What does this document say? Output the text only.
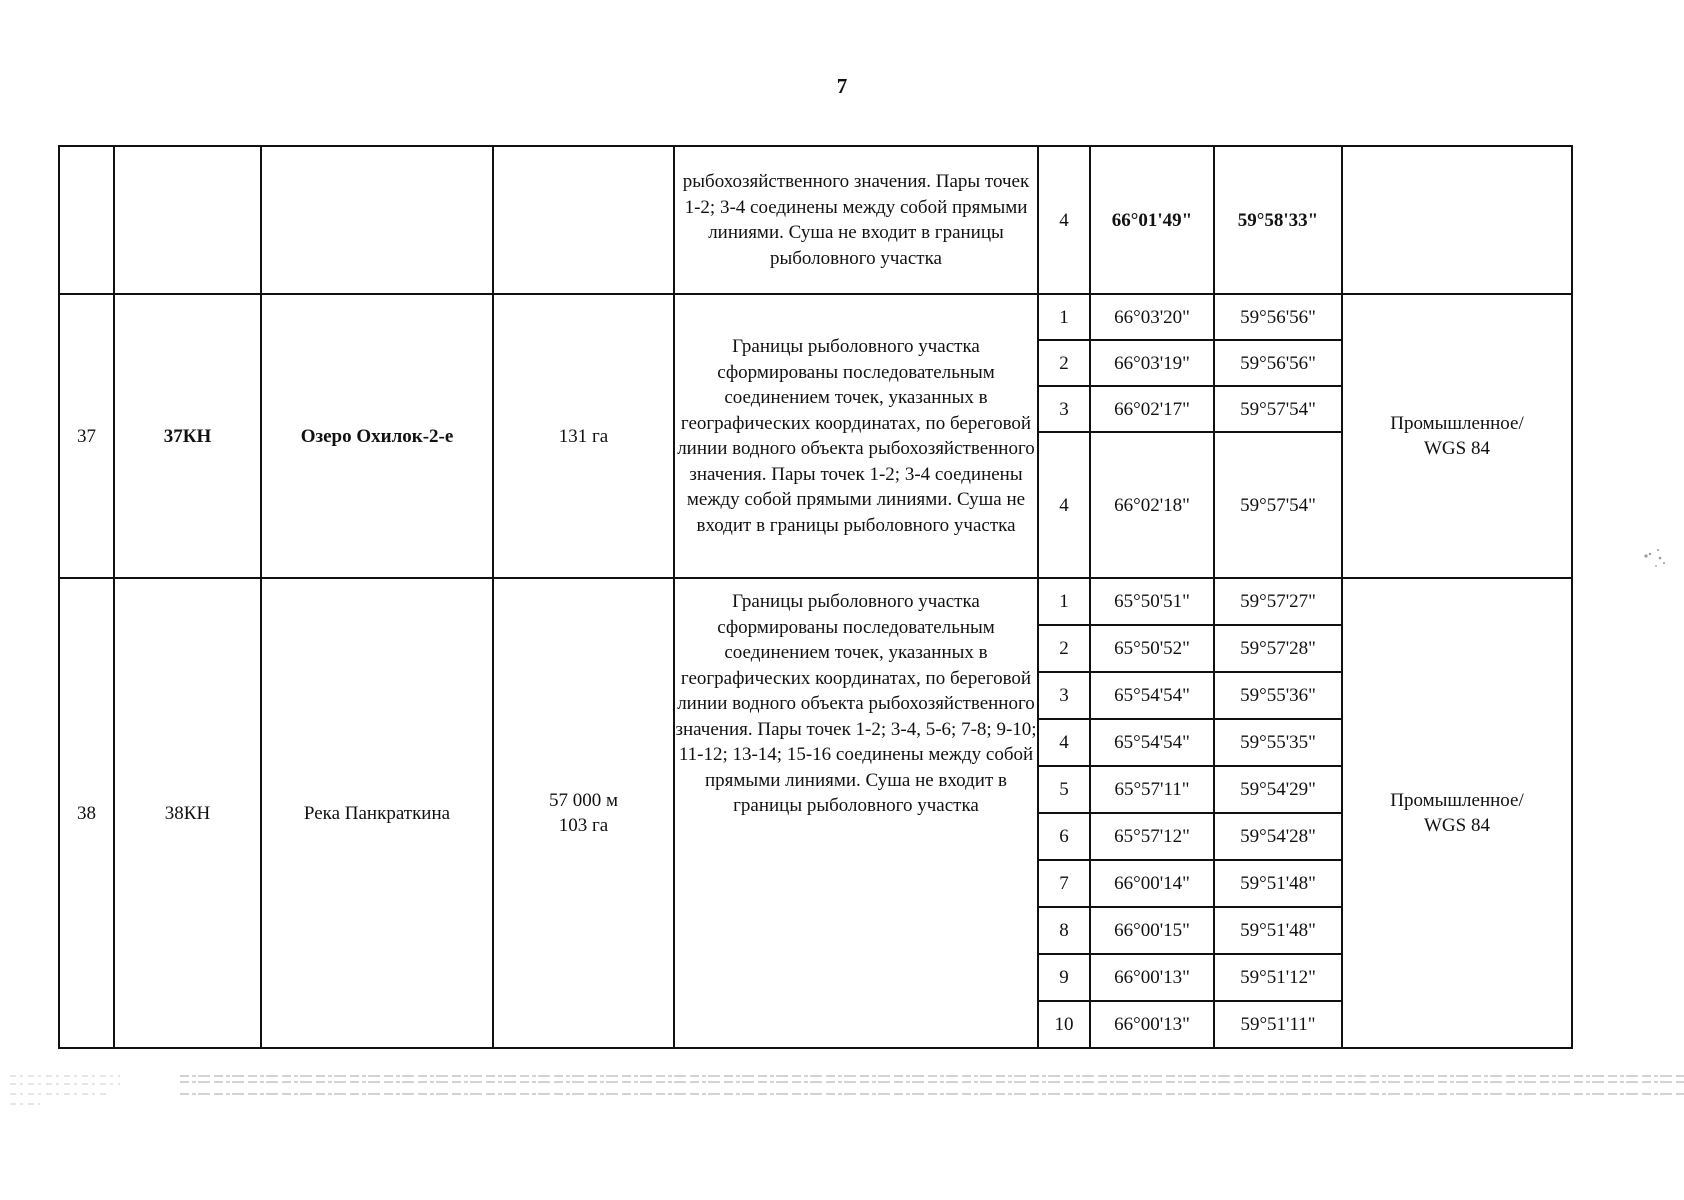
7
				рыбохозяйственного значения. Пары точек 1-2; 3-4 соединены между собой прямыми линиями. Суша не входит в границы рыболовного участка	4	66°01'49"	59°58'33"	
37	37КН	Озеро Охилок-2-е	131 га	Границы рыболовного участка сформированы последовательным соединением точек, указанных в географических координатах, по береговой линии водного объекта рыбохозяйственного значения. Пары точек 1-2; 3-4 соединены между собой прямыми линиями. Суша не входит в границы рыболовного участка	1	66°03'20"	59°56'56"	Промышленное/
WGS 84
					2	66°03'19"	59°56'56"	
					3	66°02'17"	59°57'54"	
					4	66°02'18"	59°57'54"	
38	38КН	Река Панкраткина	57 000 м
103 га	Границы рыболовного участка сформированы последовательным соединением точек, указанных в географических координатах, по береговой линии водного объекта рыбохозяйственного значения. Пары точек 1-2; 3-4, 5-6; 7-8; 9-10; 11-12; 13-14; 15-16 соединены между собой прямыми линиями. Суша не входит в границы рыболовного участка	1	65°50'51"	59°57'27"	Промышленное/
WGS 84
					2	65°50'52"	59°57'28"	
					3	65°54'54"	59°55'36"	
					4	65°54'54"	59°55'35"	
					5	65°57'11"	59°54'29"	
					6	65°57'12"	59°54'28"	
					7	66°00'14"	59°51'48"	
					8	66°00'15"	59°51'48"	
					9	66°00'13"	59°51'12"	
					10	66°00'13"	59°51'11"	
